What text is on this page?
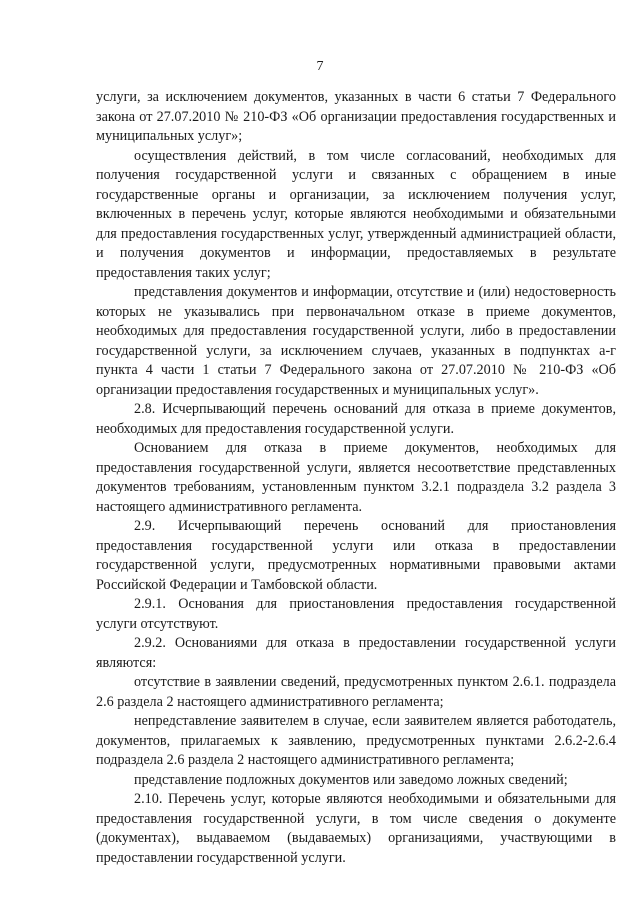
7

услуги, за исключением документов, указанных в части 6 статьи 7 Федерального закона от 27.07.2010 № 210-ФЗ «Об организации предоставления государственных и муниципальных услуг»;

осуществления действий, в том числе согласований, необходимых для получения государственной услуги и связанных с обращением в иные государственные органы и организации, за исключением получения услуг, включенных в перечень услуг, которые являются необходимыми и обязательными для предоставления государственных услуг, утвержденный администрацией области, и получения документов и информации, предоставляемых в результате предоставления таких услуг;

представления документов и информации, отсутствие и (или) недостоверность которых не указывались при первоначальном отказе в приеме документов, необходимых для предоставления государственной услуги, либо в предоставлении государственной услуги, за исключением случаев, указанных в подпунктах а-г пункта 4 части 1 статьи 7 Федерального закона от 27.07.2010 № 210-ФЗ «Об организации предоставления государственных и муниципальных услуг».

2.8. Исчерпывающий перечень оснований для отказа в приеме документов, необходимых для предоставления государственной услуги.

Основанием для отказа в приеме документов, необходимых для предоставления государственной услуги, является несоответствие представленных документов требованиям, установленным пунктом 3.2.1 подраздела 3.2 раздела 3 настоящего административного регламента.

2.9. Исчерпывающий перечень оснований для приостановления предоставления государственной услуги или отказа в предоставлении государственной услуги, предусмотренных нормативными правовыми актами Российской Федерации и Тамбовской области.

2.9.1. Основания для приостановления предоставления государственной услуги отсутствуют.

2.9.2. Основаниями для отказа в предоставлении государственной услуги являются:

отсутствие в заявлении сведений, предусмотренных пунктом 2.6.1. подраздела 2.6 раздела 2 настоящего административного регламента;

непредставление заявителем в случае, если заявителем является работодатель, документов, прилагаемых к заявлению, предусмотренных пунктами 2.6.2-2.6.4 подраздела 2.6 раздела 2 настоящего административного регламента;

представление подложных документов или заведомо ложных сведений;

2.10. Перечень услуг, которые являются необходимыми и обязательными для предоставления государственной услуги, в том числе сведения о документе (документах), выдаваемом (выдаваемых) организациями, участвующими в предоставлении государственной услуги.
